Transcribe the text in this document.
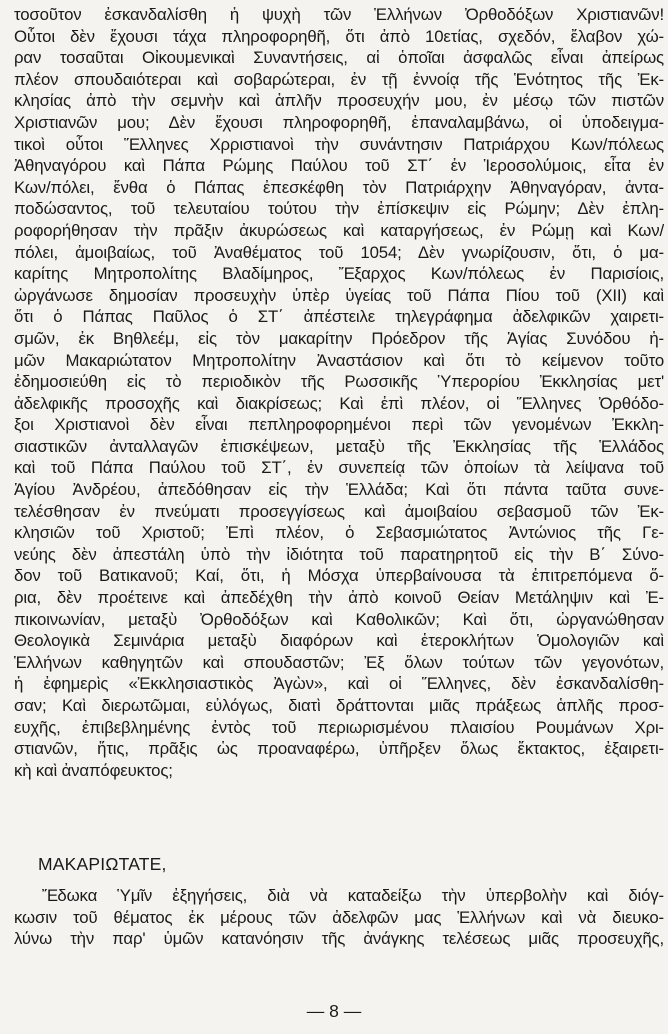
τοσοῦτον ἐσκανδαλίσθη ἡ ψυχὴ τῶν Ἑλλήνων Ὀρθοδόξων Χριστιανῶν!
Οὗτοι δὲν ἔχουσι τάχα πληροφορηθῆ, ὅτι ἀπὸ 10ετίας, σχεδόν, ἔλαβον χώ-
ραν τοσαῦται Οἰκουμενικαὶ Συναντήσεις, αἱ ὁποῖαι ἀσφαλῶς εἶναι ἀπείρως
πλέον σπουδαιότεραι καὶ σοβαρώτεραι, ἐν τῇ ἐννοίᾳ τῆς Ἑνότητος τῆς Ἐκ-
κλησίας ἀπὸ τὴν σεμνὴν καὶ ἁπλῆν προσευχήν μου, ἐν μέσῳ τῶν πιστῶν
Χριστιανῶν μου; Δὲν ἔχουσι πληροφορηθῆ, ἐπαναλαμβάνω, οἱ ὑποδειγμα-
τικοὶ οὗτοι Ἕλληνες Χρριστιανοὶ τὴν συνάντησιν Πατριάρχου Κων/πόλεως
Ἀθηναγόρου καὶ Πάπα Ρώμης Παύλου τοῦ ΣΤ΄ ἐν Ἱεροσολύμοις, εἶτα ἐν
Κων/πόλει, ἔνθα ὁ Πάπας ἐπεσκέφθη τὸν Πατριάρχην Ἀθηναγόραν, ἀντα-
ποδώσαντος, τοῦ τελευταίου τούτου τὴν ἐπίσκεψιν εἰς Ρώμην; Δὲν ἐπλη-
ροφορήθησαν τὴν πρᾶξιν ἀκυρώσεως καὶ καταργήσεως, ἐν Ρώμῃ καὶ Κων/
πόλει, ἀμοιβαίως, τοῦ Ἀναθέματος τοῦ 1054; Δὲν γνωρίζουσιν, ὅτι, ὁ μα-
καρίτης Μητροπολίτης Βλαδίμηρος, Ἔξαρχος Κων/πόλεως ἐν Παρισίοις,
ὠργάνωσε δημοσίαν προσευχὴν ὑπὲρ ὑγείας τοῦ Πάπα Πίου τοῦ (XII) καὶ
ὅτι ὁ Πάπας Παῦλος ὁ ΣΤ΄ ἀπέστειλε τηλεγράφημα ἀδελφικῶν χαιρετι-
σμῶν, ἐκ Βηθλεέμ, εἰς τὸν μακαρίτην Πρόεδρον τῆς Ἁγίας Συνόδου ἡ-
μῶν Μακαριώτατον Μητροπολίτην Ἀναστάσιον καὶ ὅτι τὸ κείμενον τοῦτο
ἐδημοσιεύθη εἰς τὸ περιοδικὸν τῆς Ρωσσικῆς Ὑπερορίου Ἐκκλησίας μετ'
ἀδελφικῆς προσοχῆς καὶ διακρίσεως; Καὶ ἐπὶ πλέον, οἱ Ἕλληνες Ὀρθόδο-
ξοι Χριστιανοὶ δὲν εἶναι πεπληροφορημένοι περὶ τῶν γενομένων Ἐκκλη-
σιαστικῶν ἀνταλλαγῶν ἐπισκέψεων, μεταξὺ τῆς Ἐκκλησίας τῆς Ἑλλάδος
καὶ τοῦ Πάπα Παύλου τοῦ ΣΤ΄, ἐν συνεπείᾳ τῶν ὁποίων τὰ λείψανα τοῦ
Ἁγίου Ἀνδρέου, ἀπεδόθησαν εἰς τὴν Ἑλλάδα; Καὶ ὅτι πάντα ταῦτα συνε-
τελέσθησαν ἐν πνεύματι προσεγγίσεως καὶ ἀμοιβαίου σεβασμοῦ τῶν Ἐκ-
κλησιῶν τοῦ Χριστοῦ; Ἐπὶ πλέον, ὁ Σεβασμιώτατος Ἀντώνιος τῆς Γε-
νεύης δὲν ἀπεστάλη ὑπὸ τὴν ἰδιότητα τοῦ παρατηρητοῦ εἰς τὴν Β΄ Σύνο-
δον τοῦ Βατικανοῦ; Καί, ὅτι, ἡ Μόσχα ὑπερβαίνουσα τὰ ἐπιτρεπόμενα ὅ-
ρια, δὲν προέτεινε καὶ ἀπεδέχθη τὴν ἀπὸ κοινοῦ Θείαν Μετάληψιν καὶ Ἐ-
πικοινωνίαν, μεταξὺ Ὀρθοδόξων καὶ Καθολικῶν; Καὶ ὅτι, ὠργανώθησαν
Θεολογικὰ Σεμινάρια μεταξὺ διαφόρων καὶ ἑτεροκλήτων Ὁμολογιῶν καὶ
Ἑλλήνων καθηγητῶν καὶ σπουδαστῶν; Ἐξ ὅλων τούτων τῶν γεγονότων,
ἡ ἐφημερὶς «Ἐκκλησιαστικὸς Ἀγὼν», καὶ οἱ Ἕλληνες, δὲν ἐσκανδαλίσθη-
σαν; Καὶ διερωτῶμαι, εὐλόγως, διατὶ δράττονται μιᾶς πράξεως ἁπλῆς προσ-
ευχῆς, ἐπιβεβλημένης ἐντὸς τοῦ περιωρισμένου πλαισίου Ρουμάνων Χρι-
στιανῶν, ἥτις, πρᾶξις ὡς προαναφέρω, ὑπῆρξεν ὅλως ἔκτακτος, ἐξαιρετι-
κὴ καὶ ἀναπόφευκτος;
ΜΑΚΑΡΙΩΤΑΤΕ,
Ἔδωκα Ὑμῖν ἐξηγήσεις, διὰ νὰ καταδείξω τὴν ὑπερβολὴν καὶ διόγ-
κωσιν τοῦ θέματος ἐκ μέρους τῶν ἀδελφῶν μας Ἑλλήνων καὶ νὰ διευκο-
λύνω τὴν παρ' ὑμῶν κατανόησιν τῆς ἀνάγκης τελέσεως μιᾶς προσευχῆς,
— 8 —
